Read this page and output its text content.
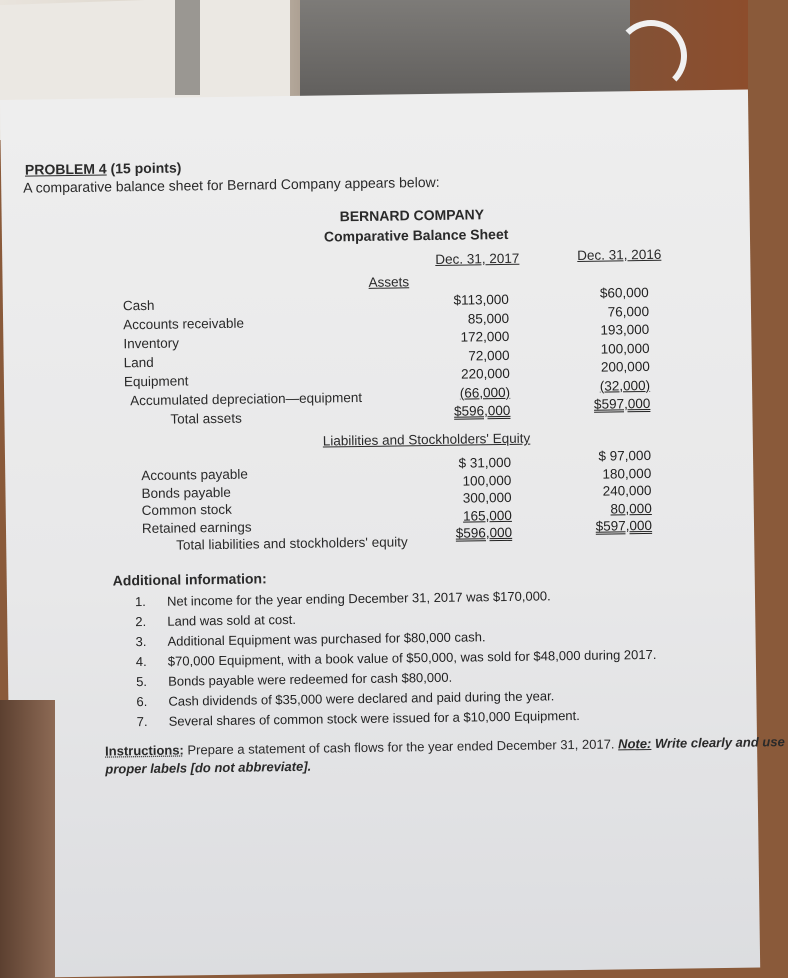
PROBLEM 4 (15 points)
A comparative balance sheet for Bernard Company appears below:
BERNARD COMPANY
Comparative Balance Sheet
Dec. 31, 2017	Dec. 31, 2016
Assets
Cash
Accounts receivable
Inventory
Land
Equipment
Accumulated depreciation—equipment
Total assets
$113,000
85,000
172,000
72,000
220,000
(66,000)
$596,000
$60,000
76,000
193,000
100,000
200,000
(32,000)
$597,000
Liabilities and Stockholders' Equity
Accounts payable
Bonds payable
Common stock
Retained earnings
Total liabilities and stockholders' equity
$ 31,000
100,000
300,000
165,000
$596,000
$ 97,000
180,000
240,000
80,000
$597,000
Additional information:
1. Net income for the year ending December 31, 2017 was $170,000.
2. Land was sold at cost.
3. Additional Equipment was purchased for $80,000 cash.
4. $70,000 Equipment, with a book value of $50,000, was sold for $48,000 during 2017.
5. Bonds payable were redeemed for cash $80,000.
6. Cash dividends of $35,000 were declared and paid during the year.
7. Several shares of common stock were issued for a $10,000 Equipment.
Instructions: Prepare a statement of cash flows for the year ended December 31, 2017. Note: Write clearly and use
proper labels [do not abbreviate].
